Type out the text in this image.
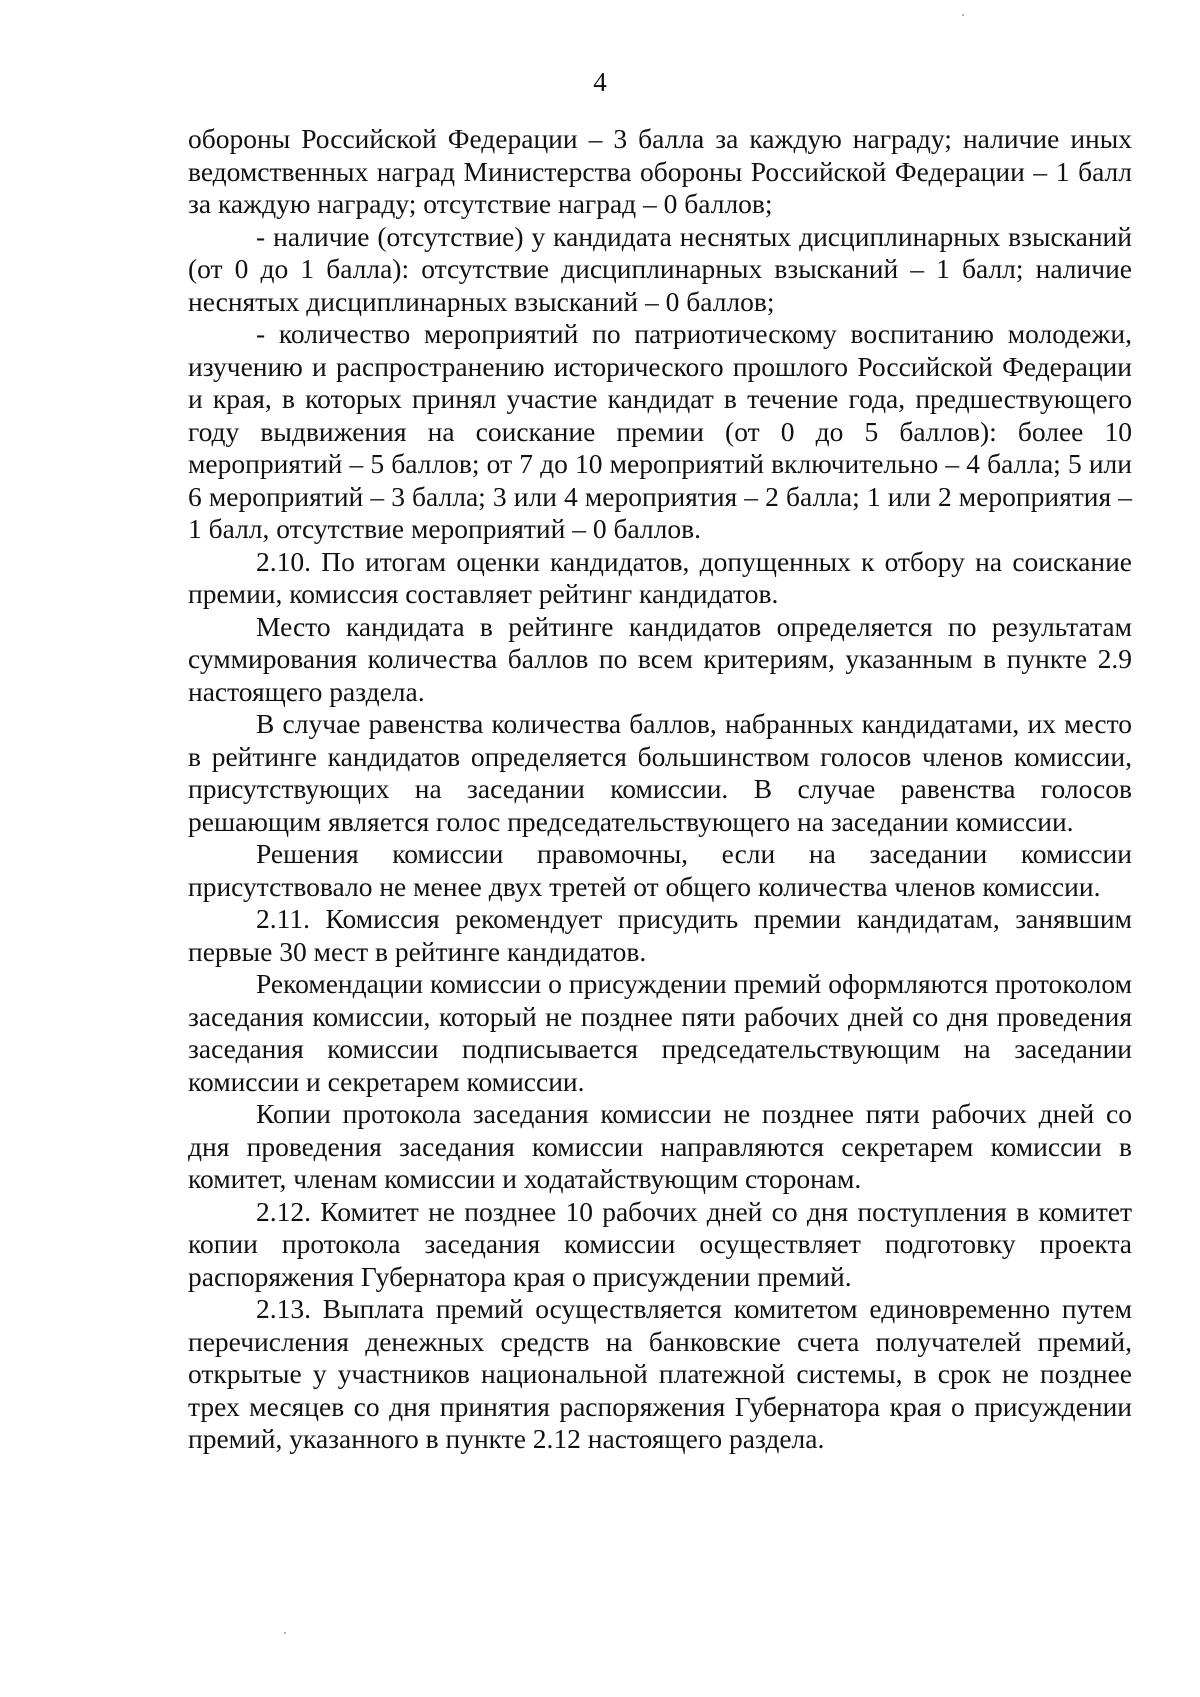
4

обороны Российской Федерации – 3 балла за каждую награду; наличие иных ведомственных наград Министерства обороны Российской Федерации – 1 балл за каждую награду; отсутствие наград – 0 баллов;

- наличие (отсутствие) у кандидата неснятых дисциплинарных взысканий (от 0 до 1 балла): отсутствие дисциплинарных взысканий – 1 балл; наличие неснятых дисциплинарных взысканий – 0 баллов;

- количество мероприятий по патриотическому воспитанию молодежи, изучению и распространению исторического прошлого Российской Федерации и края, в которых принял участие кандидат в течение года, предшествующего году выдвижения на соискание премии (от 0 до 5 баллов): более 10 мероприятий – 5 баллов; от 7 до 10 мероприятий включительно – 4 балла; 5 или 6 мероприятий – 3 балла; 3 или 4 мероприятия – 2 балла; 1 или 2 мероприятия – 1 балл, отсутствие мероприятий – 0 баллов.

2.10. По итогам оценки кандидатов, допущенных к отбору на соискание премии, комиссия составляет рейтинг кандидатов.

Место кандидата в рейтинге кандидатов определяется по результатам суммирования количества баллов по всем критериям, указанным в пункте 2.9 настоящего раздела.

В случае равенства количества баллов, набранных кандидатами, их место в рейтинге кандидатов определяется большинством голосов членов комиссии, присутствующих на заседании комиссии. В случае равенства голосов решающим является голос председательствующего на заседании комиссии.

Решения комиссии правомочны, если на заседании комиссии присутствовало не менее двух третей от общего количества членов комиссии.

2.11. Комиссия рекомендует присудить премии кандидатам, занявшим первые 30 мест в рейтинге кандидатов.

Рекомендации комиссии о присуждении премий оформляются протоколом заседания комиссии, который не позднее пяти рабочих дней со дня проведения заседания комиссии подписывается председательствующим на заседании комиссии и секретарем комиссии.

Копии протокола заседания комиссии не позднее пяти рабочих дней со дня проведения заседания комиссии направляются секретарем комиссии в комитет, членам комиссии и ходатайствующим сторонам.

2.12. Комитет не позднее 10 рабочих дней со дня поступления в комитет копии протокола заседания комиссии осуществляет подготовку проекта распоряжения Губернатора края о присуждении премий.

2.13. Выплата премий осуществляется комитетом единовременно путем перечисления денежных средств на банковские счета получателей премий, открытые у участников национальной платежной системы, в срок не позднее трех месяцев со дня принятия распоряжения Губернатора края о присуждении премий, указанного в пункте 2.12 настоящего раздела.
